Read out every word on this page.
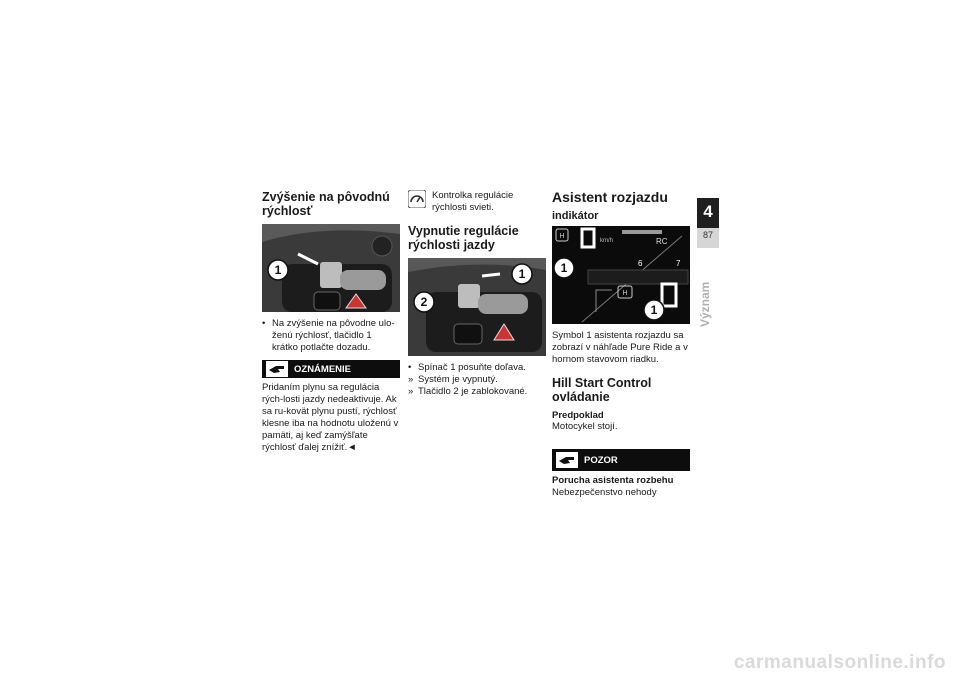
Zvýšenie na pôvodnú rýchlosť
1
• Na zvýšenie na pôvodne ulo-ženú rýchlosť, tlačidlo 1 krátko potlačte dozadu.
OZNÁMENIE

Pridaním plynu sa regulácia rých-losti jazdy nedeaktivuje. Ak sa ru-kovät plynu pustí, rýchlosť klesne iba na hodnotu uloženú v pamäti, aj keď zamýšľate rýchlosť ďalej znížiť.◄

Kontrolka regulácie rýchlosti svieti.

Vypnutie regulácie rýchlosti jazdy
1
2
• Spínač 1 posuňte doľava.
» Systém je vypnutý.
» Tlačidlo 2 je zablokované.
Asistent rozjazdu
indikátor
H
km/h	RC
6	7
H
1
1

Symbol 1 asistenta rozjazdu sa zobrazí v náhľade Pure Ride a v hornom stavovom riadku.

Hill Start Control ovládanie
Predpoklad

Motocykel stojí.

POZOR

Porucha asistenta rozbehu

Nebezpečenstvo nehody

4
87
Význam
carmanualsonline.info
